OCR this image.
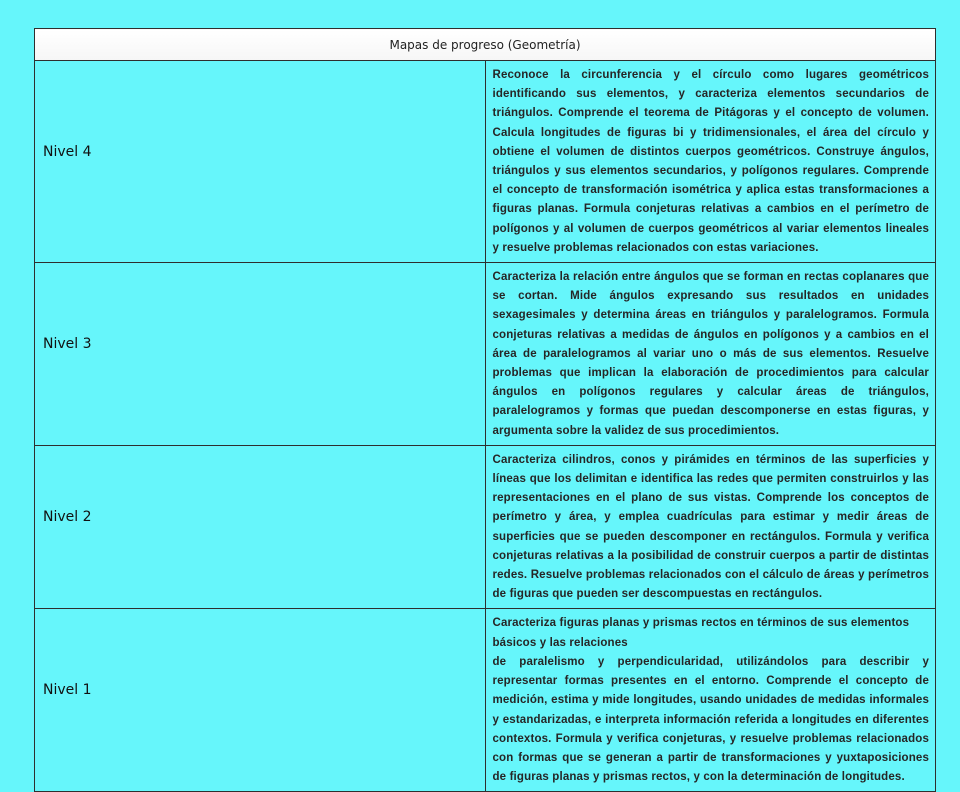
Mapas de progreso (Geometría)	
Nivel 4	Reconoce la circunferencia y el círculo como lugares geométricos identificando sus elementos, y caracteriza elementos secundarios de triángulos. Comprende el teorema de Pitágoras y el concepto de volumen. Calcula longitudes de figuras bi y tridimensionales, el área del círculo y obtiene el volumen de distintos cuerpos geométricos. Construye ángulos, triángulos y sus elementos secundarios, y polígonos regulares. Comprende el concepto de transformación isométrica y aplica estas transformaciones a figuras planas. Formula conjeturas relativas a cambios en el perímetro de polígonos y al volumen de cuerpos geométricos al variar elementos lineales y resuelve problemas relacionados con estas variaciones.

Nivel 3	Caracteriza la relación entre ángulos que se forman en rectas coplanares que se cortan. Mide ángulos expresando sus resultados en unidades sexagesimales y determina áreas en triángulos y paralelogramos. Formula conjeturas relativas a medidas de ángulos en polígonos y a cambios en el área de paralelogramos al variar uno o más de sus elementos. Resuelve problemas que implican la elaboración de procedimientos para calcular ángulos en polígonos regulares y calcular áreas de triángulos, paralelogramos y formas que puedan descomponerse en estas figuras, y argumenta sobre la validez de sus procedimientos.

Nivel 2	Caracteriza cilindros, conos y pirámides en términos de las superficies y líneas que los delimitan e identifica las redes que permiten construirlos y las representaciones en el plano de sus vistas. Comprende los conceptos de perímetro y área, y emplea cuadrículas para estimar y medir áreas de superficies que se pueden descomponer en rectángulos. Formula y verifica conjeturas relativas a la posibilidad de construir cuerpos a partir de distintas redes. Resuelve problemas relacionados con el cálculo de áreas y perímetros de figuras que pueden ser descompuestas en rectángulos.

Nivel 1	Caracteriza figuras planas y prismas rectos en términos de sus elementos básicos y las relaciones
de paralelismo y perpendicularidad, utilizándolos para describir y representar formas presentes en el entorno. Comprende el concepto de medición, estima y mide longitudes, usando unidades de medidas informales y estandarizadas, e interpreta información referida a longitudes en diferentes contextos. Formula y verifica conjeturas, y resuelve problemas relacionados con formas que se generan a partir de transformaciones y yuxtaposiciones de figuras planas y prismas rectos, y con la determinación de longitudes.
